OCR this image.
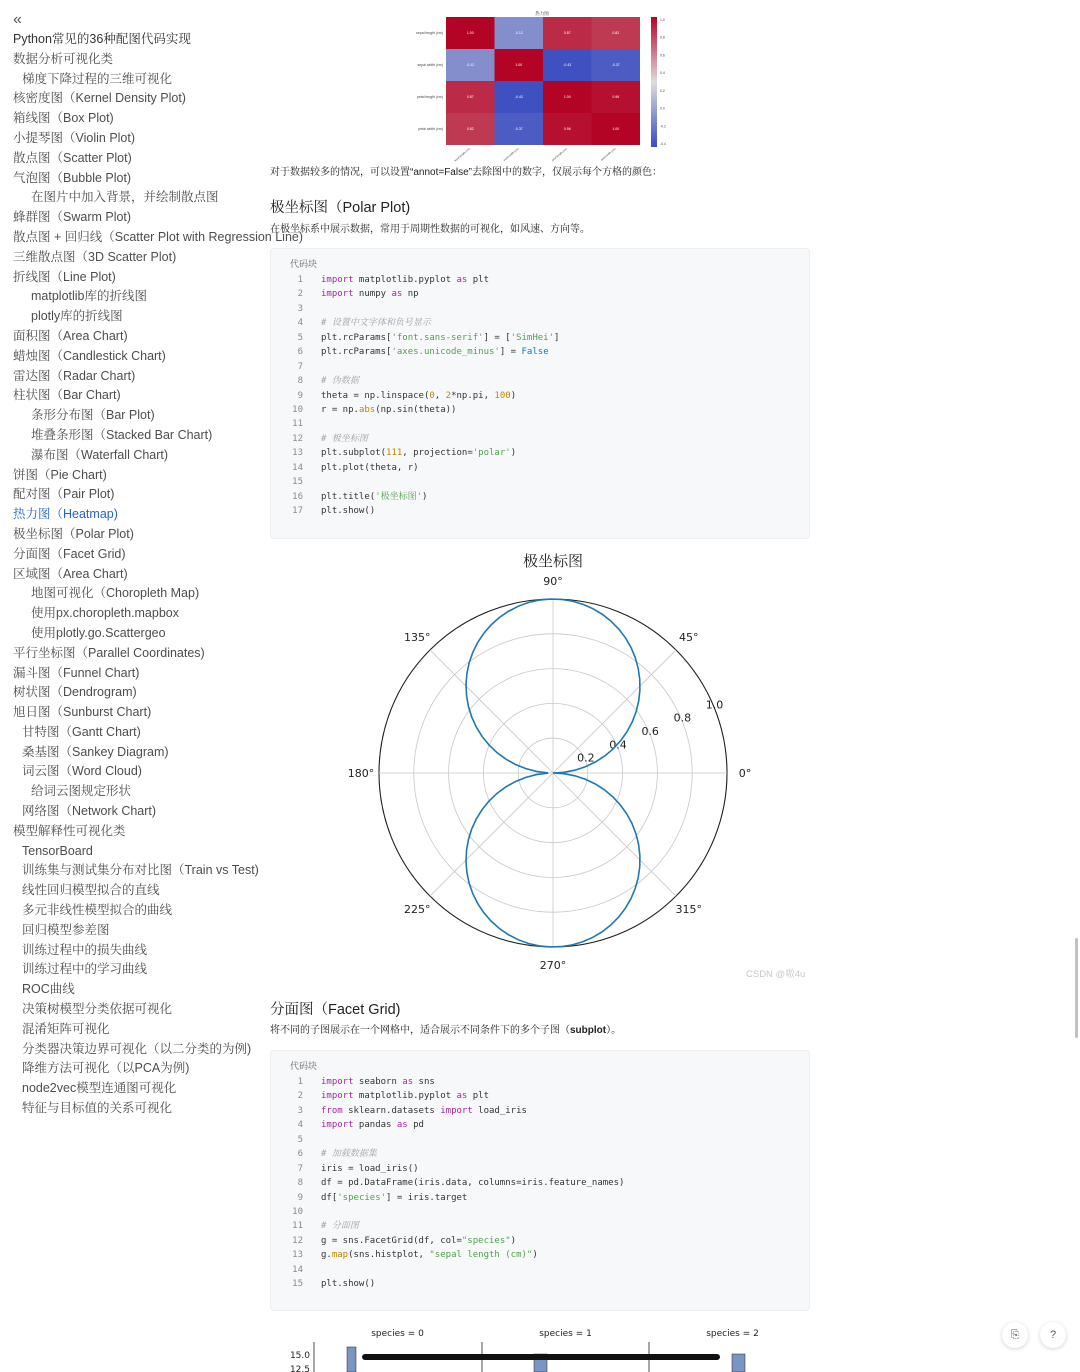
«
Python常见的36种配图代码实现
数据分析可视化类
梯度下降过程的三维可视化
核密度图（Kernel Density Plot)
箱线图（Box Plot)
小提琴图（Violin Plot)
散点图（Scatter Plot)
气泡图（Bubble Plot)
在图片中加入背景，并绘制散点图
蜂群图（Swarm Plot)
散点图 + 回归线（Scatter Plot with Regression Line)
三维散点图（3D Scatter Plot)
折线图（Line Plot)
matplotlib库的折线图
plotly库的折线图
面积图（Area Chart)
蜡烛图（Candlestick Chart)
雷达图（Radar Chart)
柱状图（Bar Chart)
条形分布图（Bar Plot)
堆叠条形图（Stacked Bar Chart)
瀑布图（Waterfall Chart)
饼图（Pie Chart)
配对图（Pair Plot)
热力图（Heatmap)
极坐标图（Polar Plot)
分面图（Facet Grid)
区域图（Area Chart)
地图可视化（Choropleth Map)
使用px.choropleth.mapbox
使用plotly.go.Scattergeo
平行坐标图（Parallel Coordinates)
漏斗图（Funnel Chart)
树状图（Dendrogram)
旭日图（Sunburst Chart)
甘特图（Gantt Chart)
桑基图（Sankey Diagram)
词云图（Word Cloud)
给词云图规定形状
网络图（Network Chart)
模型解释性可视化类
TensorBoard
训练集与测试集分布对比图（Train vs Test)
线性回归模型拟合的直线
多元非线性模型拟合的曲线
回归模型参差图
训练过程中的损失曲线
训练过程中的学习曲线
ROC曲线
决策树模型分类依据可视化
混淆矩阵可视化
分类器决策边界可视化（以二分类的为例)
降维方法可视化（以PCA为例)
node2vec模型连通图可视化
特征与目标值的关系可视化
热力图
1.00	-0.12	0.87	0.82
-0.12	1.00	-0.43	-0.37
0.87	-0.43	1.00	0.96
0.82	-0.37	0.96	1.00
sepal length (cm)
sepal width (cm)
petal length (cm)
petal width (cm)
sepal length (cm)	sepal width (cm)	petal length (cm)	petal width (cm)
1.0
0.8
0.6
0.4
0.2
0.0
-0.2
-0.4

对于数据较多的情况，可以设置“annot=False”去除图中的数字，仅展示每个方格的颜色：

极坐标图（Polar Plot)

在极坐标系中展示数据，常用于周期性数据的可视化，如风速、方向等。

代码块
1 import matplotlib.pyplot as plt
2 import numpy as np
3
4 # 设置中文字体和负号显示
5 plt.rcParams['font.sans-serif'] = ['SimHei']
6 plt.rcParams['axes.unicode_minus'] = False
7
8 # 伪数据
9 theta = np.linspace(0, 2*np.pi, 100)
10 r = np.abs(np.sin(theta))
11
12 # 极坐标图
13 plt.subplot(111, projection='polar')
14 plt.plot(theta, r)
15
16 plt.title('极坐标图')
17 plt.show()
极坐标图
0.2
0.4
0.6
0.8
1.0
0°
45°
90°
135°
180°
225°
270°
315°
CSDN @嗷4u
分面图（Facet Grid)

将不同的子图展示在一个网格中，适合展示不同条件下的多个子图（subplot）。

代码块
1 import seaborn as sns
2 import matplotlib.pyplot as plt
3 from sklearn.datasets import load_iris
4 import pandas as pd
5
6 # 加载数据集
7 iris = load_iris()
8 df = pd.DataFrame(iris.data, columns=iris.feature_names)
9 df['species'] = iris.target
10
11 # 分面图
12 g = sns.FacetGrid(df, col="species")
13 g.map(sns.histplot, "sepal length (cm)")
14
15 plt.show()
species = 0	species = 1	species = 2
15.0
12.5
⎘	?
